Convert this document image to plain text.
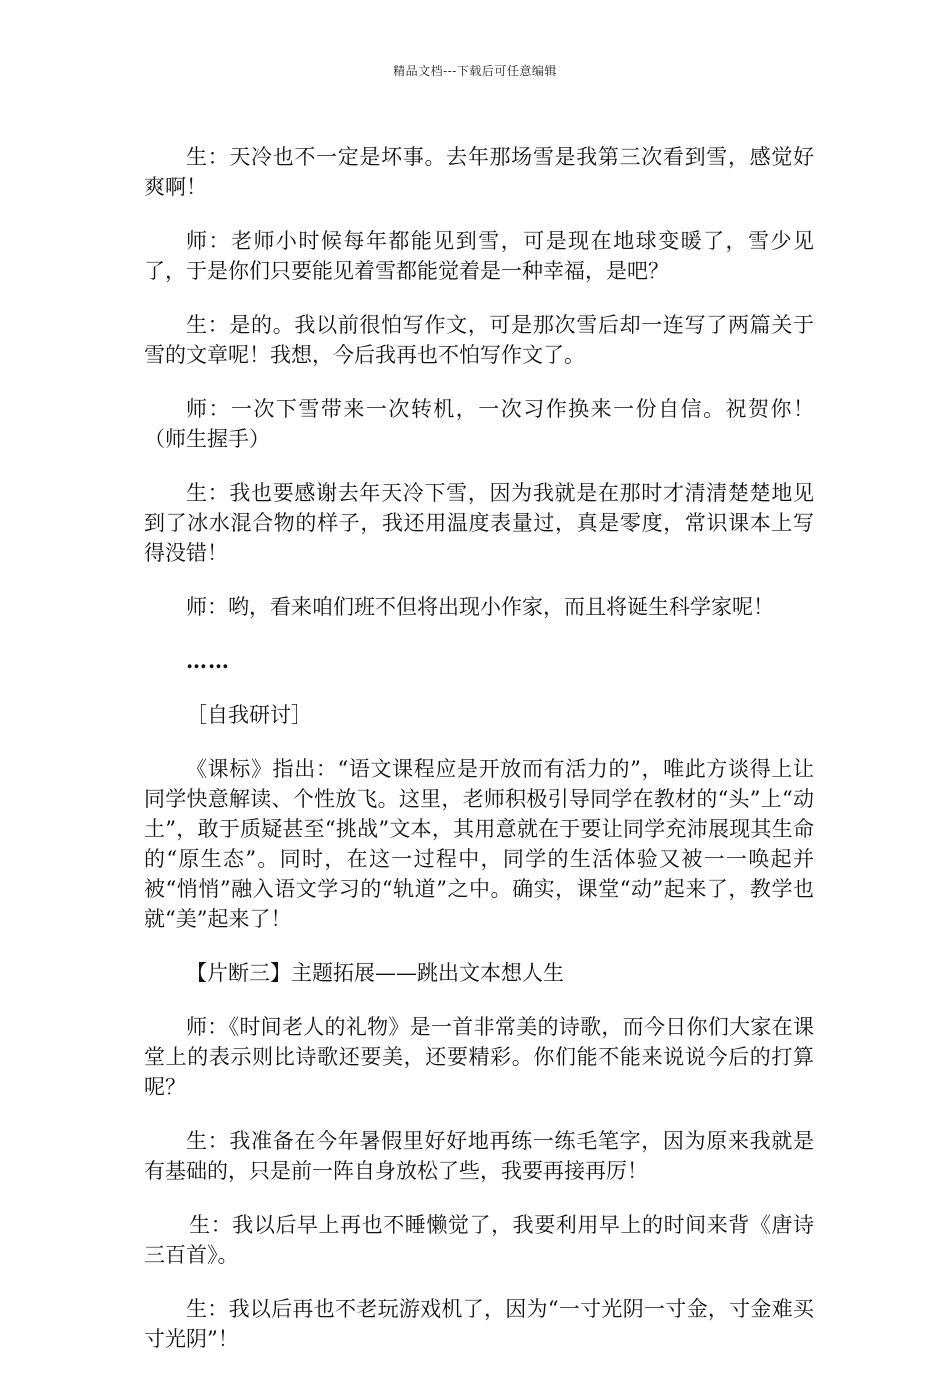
精品文档---下载后可任意编辑

生：天冷也不一定是坏事。去年那场雪是我第三次看到雪，感觉好爽啊！

师：老师小时候每年都能见到雪，可是现在地球变暖了，雪少见了，于是你们只要能见着雪都能觉着是一种幸福，是吧？

生：是的。我以前很怕写作文，可是那次雪后却一连写了两篇关于雪的文章呢！我想，今后我再也不怕写作文了。

师：一次下雪带来一次转机，一次习作换来一份自信。祝贺你！（师生握手）

生：我也要感谢去年天冷下雪，因为我就是在那时才清清楚楚地见到了冰水混合物的样子，我还用温度表量过，真是零度，常识课本上写得没错！

师：哟，看来咱们班不但将出现小作家，而且将诞生科学家呢！

……

［自我研讨］

《课标》指出：“语文课程应是开放而有活力的”，唯此方谈得上让同学快意解读、个性放飞。这里，老师积极引导同学在教材的“头”上“动土”，敢于质疑甚至“挑战”文本，其用意就在于要让同学充沛展现其生命的“原生态”。同时，在这一过程中，同学的生活体验又被一一唤起并被“悄悄”融入语文学习的“轨道”之中。确实，课堂“动”起来了，教学也就“美”起来了！

【片断三】主题拓展——跳出文本想人生

师：《时间老人的礼物》是一首非常美的诗歌，而今日你们大家在课堂上的表示则比诗歌还要美，还要精彩。你们能不能来说说今后的打算呢？

生：我准备在今年暑假里好好地再练一练毛笔字，因为原来我就是有基础的，只是前一阵自身放松了些，我要再接再厉！

生：我以后早上再也不睡懒觉了，我要利用早上的时间来背《唐诗三百首》。

生：我以后再也不老玩游戏机了，因为“一寸光阴一寸金，寸金难买寸光阴”！
